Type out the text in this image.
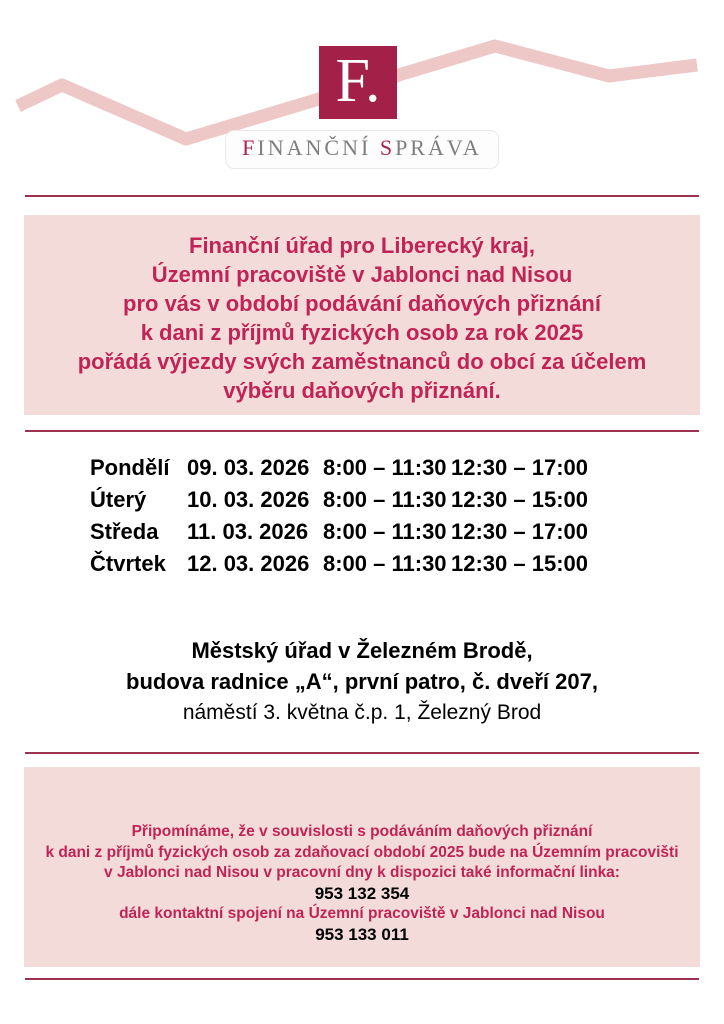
F.
FINANČNÍ SPRÁVA
Finanční úřad pro Liberecký kraj,
Územní pracoviště v Jablonci nad Nisou
pro vás v období podávání daňových přiznání
k dani z příjmů fyzických osob za rok 2025
pořádá výjezdy svých zaměstnanců do obcí za účelem
výběru daňových přiznání.
Pondělí 09. 03. 2026 8:00 – 11:30 12:30 – 17:00
Úterý	10. 03. 2026 8:00 – 11:30 12:30 – 15:00
Středa	11. 03. 2026 8:00 – 11:30 12:30 – 17:00
Čtvrtek 12. 03. 2026 8:00 – 11:30 12:30 – 15:00
Městský úřad v Železném Brodě,
budova radnice „A“, první patro, č. dveří 207,
náměstí 3. května č.p. 1, Železný Brod
Připomínáme, že v souvislosti s podáváním daňových přiznání
k dani z příjmů fyzických osob za zdaňovací období 2025 bude na Územním pracovišti
v Jablonci nad Nisou v pracovní dny k dispozici také informační linka:
953 132 354
dále kontaktní spojení na Územní pracoviště v Jablonci nad Nisou
953 133 011
